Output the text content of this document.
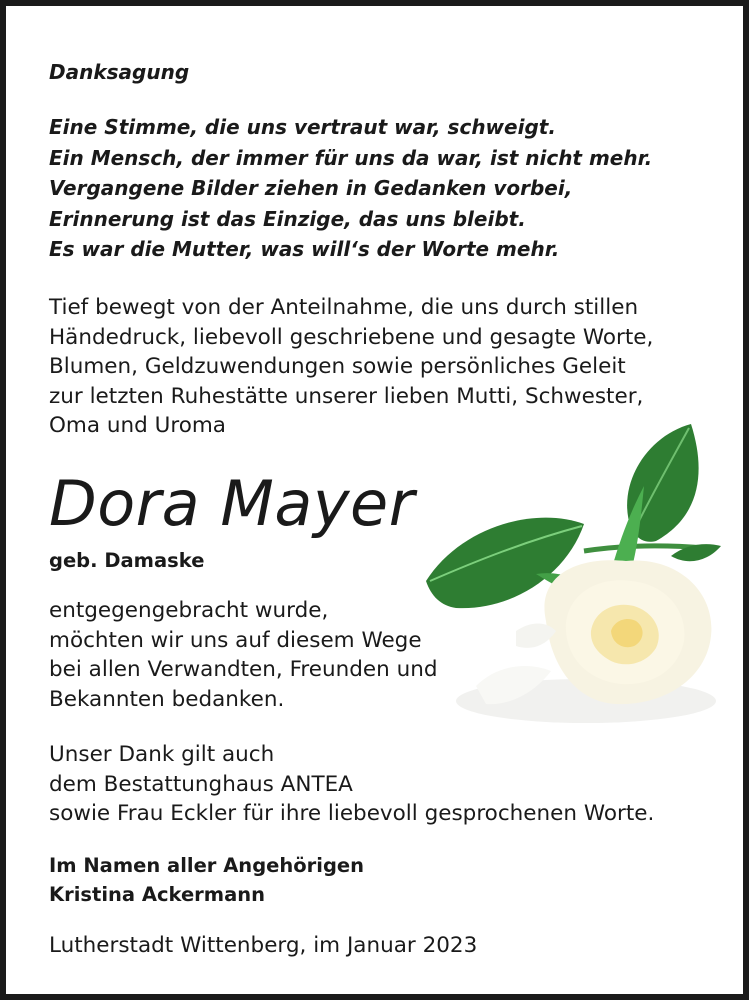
Danksagung
Eine Stimme, die uns vertraut war, schweigt.
Ein Mensch, der immer für uns da war, ist nicht mehr.
Vergangene Bilder ziehen in Gedanken vorbei,
Erinnerung ist das Einzige, das uns bleibt.
Es war die Mutter, was will‘s der Worte mehr.
Tief bewegt von der Anteilnahme, die uns durch stillen
Händedruck, liebevoll geschriebene und gesagte Worte,
Blumen, Geldzuwendungen sowie persönliches Geleit
zur letzten Ruhestätte unserer lieben Mutti, Schwester,
Oma und Uroma
Dora Mayer
geb. Damaske
entgegengebracht wurde,
möchten wir uns auf diesem Wege
bei allen Verwandten, Freunden und
Bekannten bedanken.
Unser Dank gilt auch
dem Bestattunghaus ANTEA
sowie Frau Eckler für ihre liebevoll gesprochenen Worte.
Im Namen aller Angehörigen
Kristina Ackermann
Lutherstadt Wittenberg, im Januar 2023
